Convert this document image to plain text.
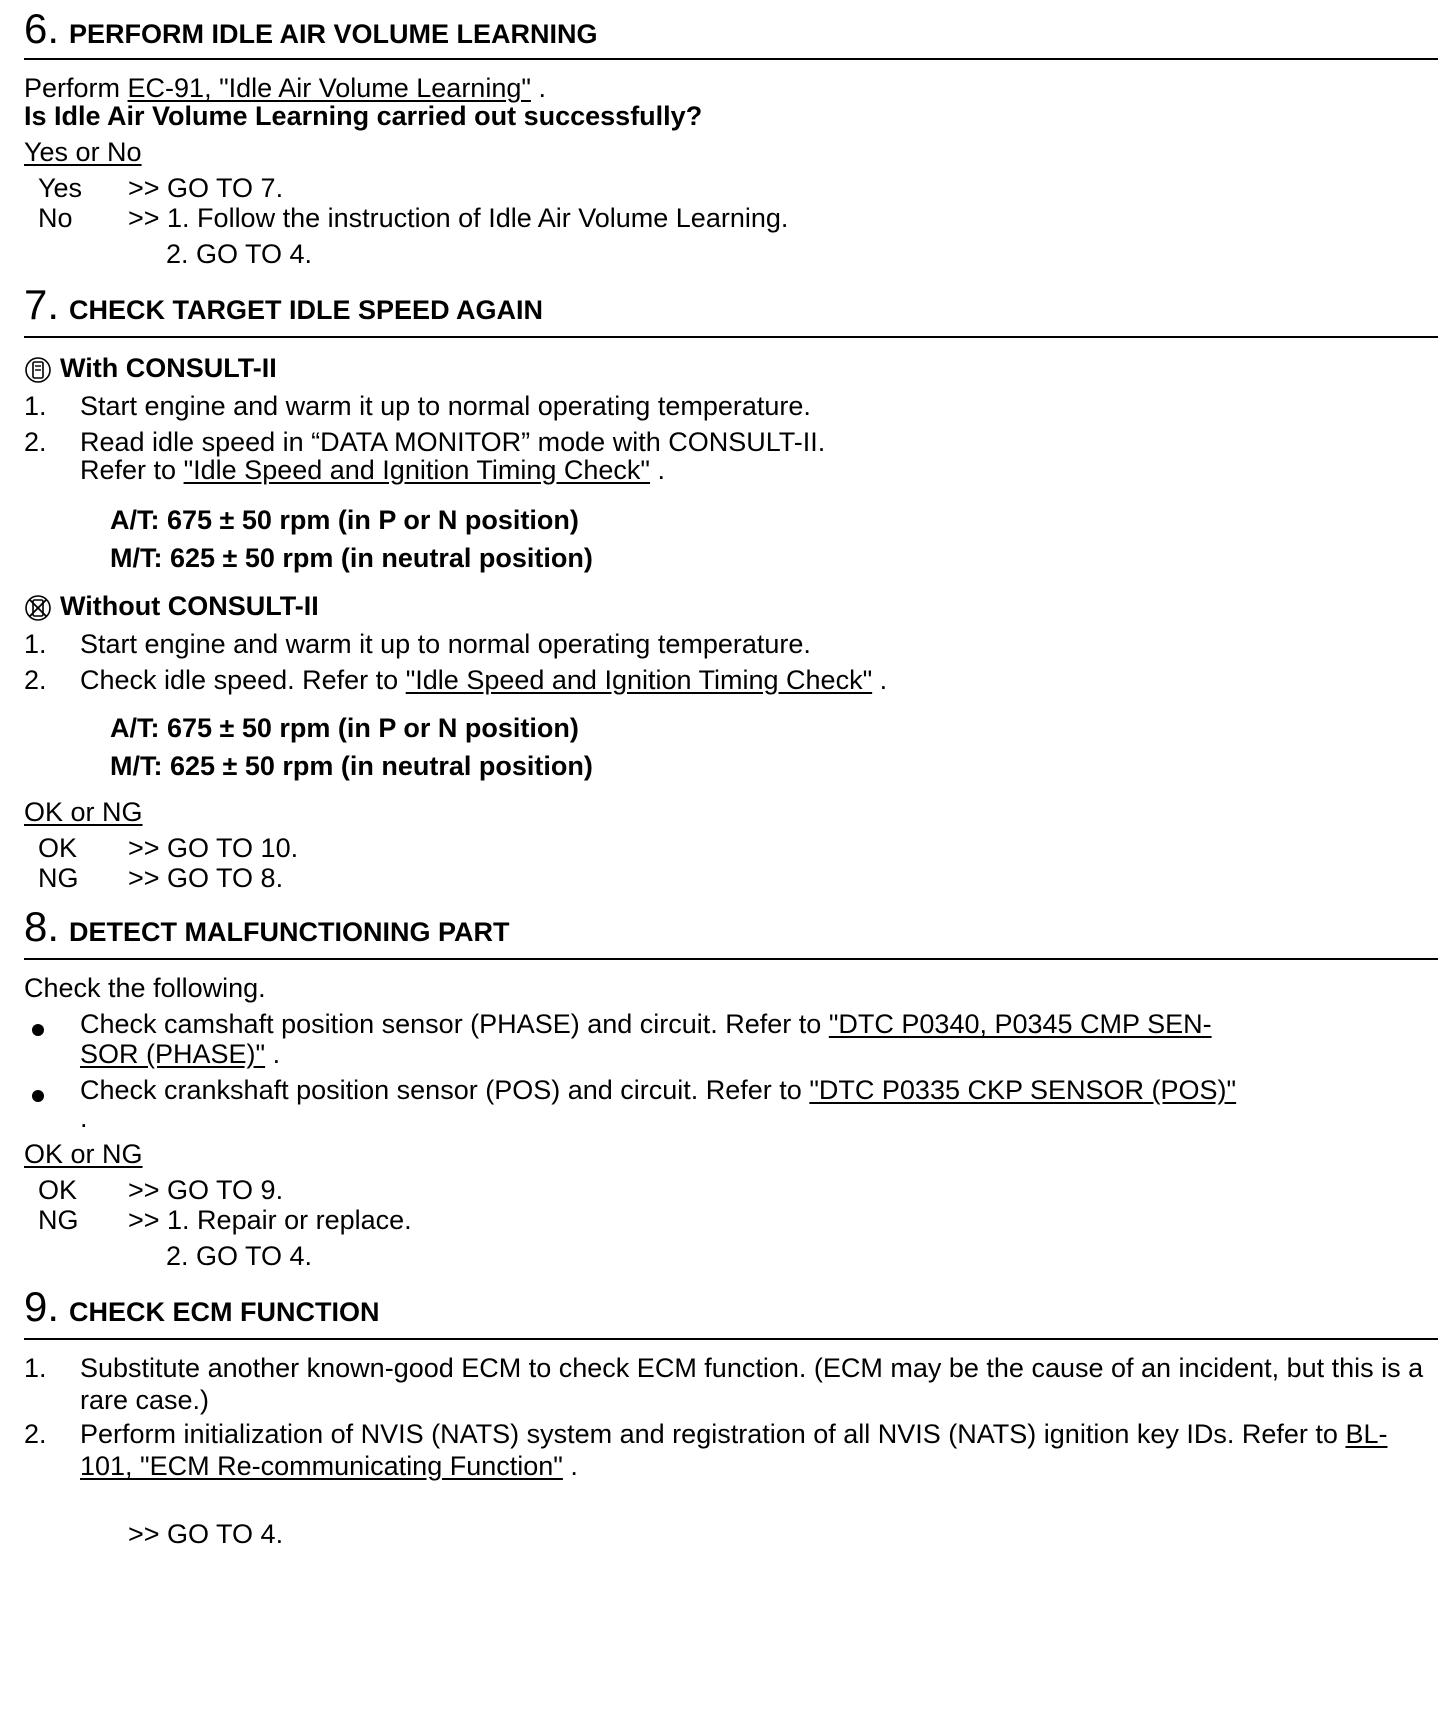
6. PERFORM IDLE AIR VOLUME LEARNING
Perform EC-91, "Idle Air Volume Learning" .
Is Idle Air Volume Learning carried out successfully?
Yes or No
Yes >> GO TO 7.
No >> 1. Follow the instruction of Idle Air Volume Learning.
2. GO TO 4.
7. CHECK TARGET IDLE SPEED AGAIN
With CONSULT-II
1. Start engine and warm it up to normal operating temperature.
2. Read idle speed in “DATA MONITOR” mode with CONSULT-II.
Refer to "Idle Speed and Ignition Timing Check" .
A/T: 675 ± 50 rpm (in P or N position)
M/T: 625 ± 50 rpm (in neutral position)
Without CONSULT-II
1. Start engine and warm it up to normal operating temperature.
2. Check idle speed. Refer to "Idle Speed and Ignition Timing Check" .
A/T: 675 ± 50 rpm (in P or N position)
M/T: 625 ± 50 rpm (in neutral position)
OK or NG
OK >> GO TO 10.
NG >> GO TO 8.
8. DETECT MALFUNCTIONING PART
Check the following.
Check camshaft position sensor (PHASE) and circuit. Refer to "DTC P0340, P0345 CMP SEN-
SOR (PHASE)" .
Check crankshaft position sensor (POS) and circuit. Refer to "DTC P0335 CKP SENSOR (POS)"
.
OK or NG
OK >> GO TO 9.
NG >> 1. Repair or replace.
2. GO TO 4.
9. CHECK ECM FUNCTION
1. Substitute another known-good ECM to check ECM function. (ECM may be the cause of an incident, but this is a rare case.)
2. Perform initialization of NVIS (NATS) system and registration of all NVIS (NATS) ignition key IDs. Refer to BL-101, "ECM Re-communicating Function" .
>> GO TO 4.
